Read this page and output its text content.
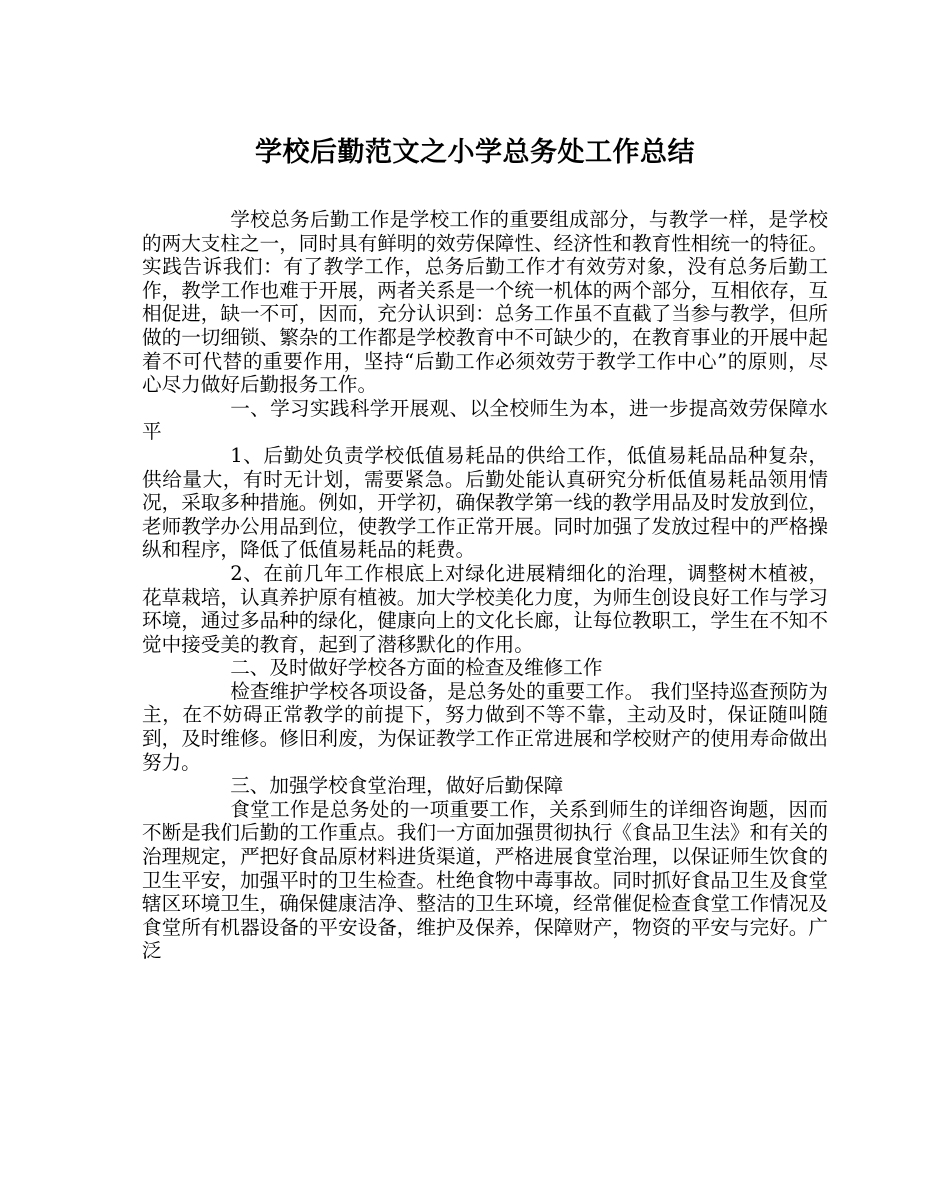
学校后勤范文之小学总务处工作总结

学校总务后勤工作是学校工作的重要组成部分，与教学一样，是学校的两大支柱之一，同时具有鲜明的效劳保障性、经济性和教育性相统一的特征。实践告诉我们：有了教学工作，总务后勤工作才有效劳对象，没有总务后勤工作，教学工作也难于开展，两者关系是一个统一机体的两个部分，互相依存，互相促进，缺一不可，因而，充分认识到：总务工作虽不直截了当参与教学，但所做的一切细锁、繁杂的工作都是学校教育中不可缺少的，在教育事业的开展中起着不可代替的重要作用，坚持“后勤工作必须效劳于教学工作中心”的原则，尽心尽力做好后勤报务工作。

一、学习实践科学开展观、以全校师生为本，进一步提高效劳保障水平

1、后勤处负责学校低值易耗品的供给工作，低值易耗品品种复杂，供给量大，有时无计划，需要紧急。后勤处能认真研究分析低值易耗品领用情况，采取多种措施。例如，开学初，确保教学第一线的教学用品及时发放到位，老师教学办公用品到位，使教学工作正常开展。同时加强了发放过程中的严格操纵和程序，降低了低值易耗品的耗费。

2、在前几年工作根底上对绿化进展精细化的治理，调整树木植被，花草栽培，认真养护原有植被。加大学校美化力度，为师生创设良好工作与学习环境，通过多品种的绿化，健康向上的文化长廊，让每位教职工，学生在不知不觉中接受美的教育，起到了潜移默化的作用。

二、及时做好学校各方面的检查及维修工作

检查维护学校各项设备，是总务处的重要工作。 我们坚持巡查预防为主，在不妨碍正常教学的前提下，努力做到不等不靠，主动及时，保证随叫随到，及时维修。修旧利废，为保证教学工作正常进展和学校财产的使用寿命做出努力。

三、加强学校食堂治理，做好后勤保障

食堂工作是总务处的一项重要工作，关系到师生的详细咨询题，因而不断是我们后勤的工作重点。我们一方面加强贯彻执行《食品卫生法》和有关的治理规定，严把好食品原材料进货渠道，严格进展食堂治理，以保证师生饮食的卫生平安，加强平时的卫生检查。杜绝食物中毒事故。同时抓好食品卫生及食堂辖区环境卫生，确保健康洁净、整洁的卫生环境，经常催促检查食堂工作情况及食堂所有机器设备的平安设备，维护及保养，保障财产，物资的平安与完好。广泛
